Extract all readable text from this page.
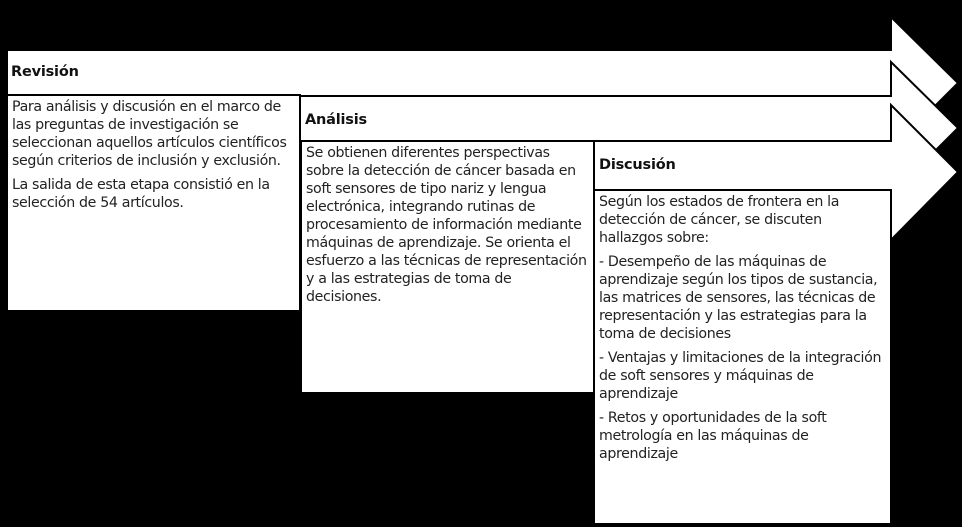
Revisión
Análisis
Discusión

Para análisis y discusión en el marco de las preguntas de investigación se seleccionan aquellos artículos científicos según criterios de inclusión y exclusión.

La salida de esta etapa consistió en la selección de 54 artículos.

Se obtienen diferentes perspectivas sobre la detección de cáncer basada en soft sensores de tipo nariz y lengua electrónica, integrando rutinas de procesamiento de información mediante máquinas de aprendizaje. Se orienta el esfuerzo a las técnicas de representación y a las estrategias de toma de decisiones.

Según los estados de frontera en la detección de cáncer, se discuten hallazgos sobre:

- Desempeño de las máquinas de aprendizaje según los tipos de sustancia, las matrices de sensores, las técnicas de representación y las estrategias para la toma de decisiones

- Ventajas y limitaciones de la integración de soft sensores y máquinas de aprendizaje

- Retos y oportunidades de la soft metrología en las máquinas de aprendizaje
